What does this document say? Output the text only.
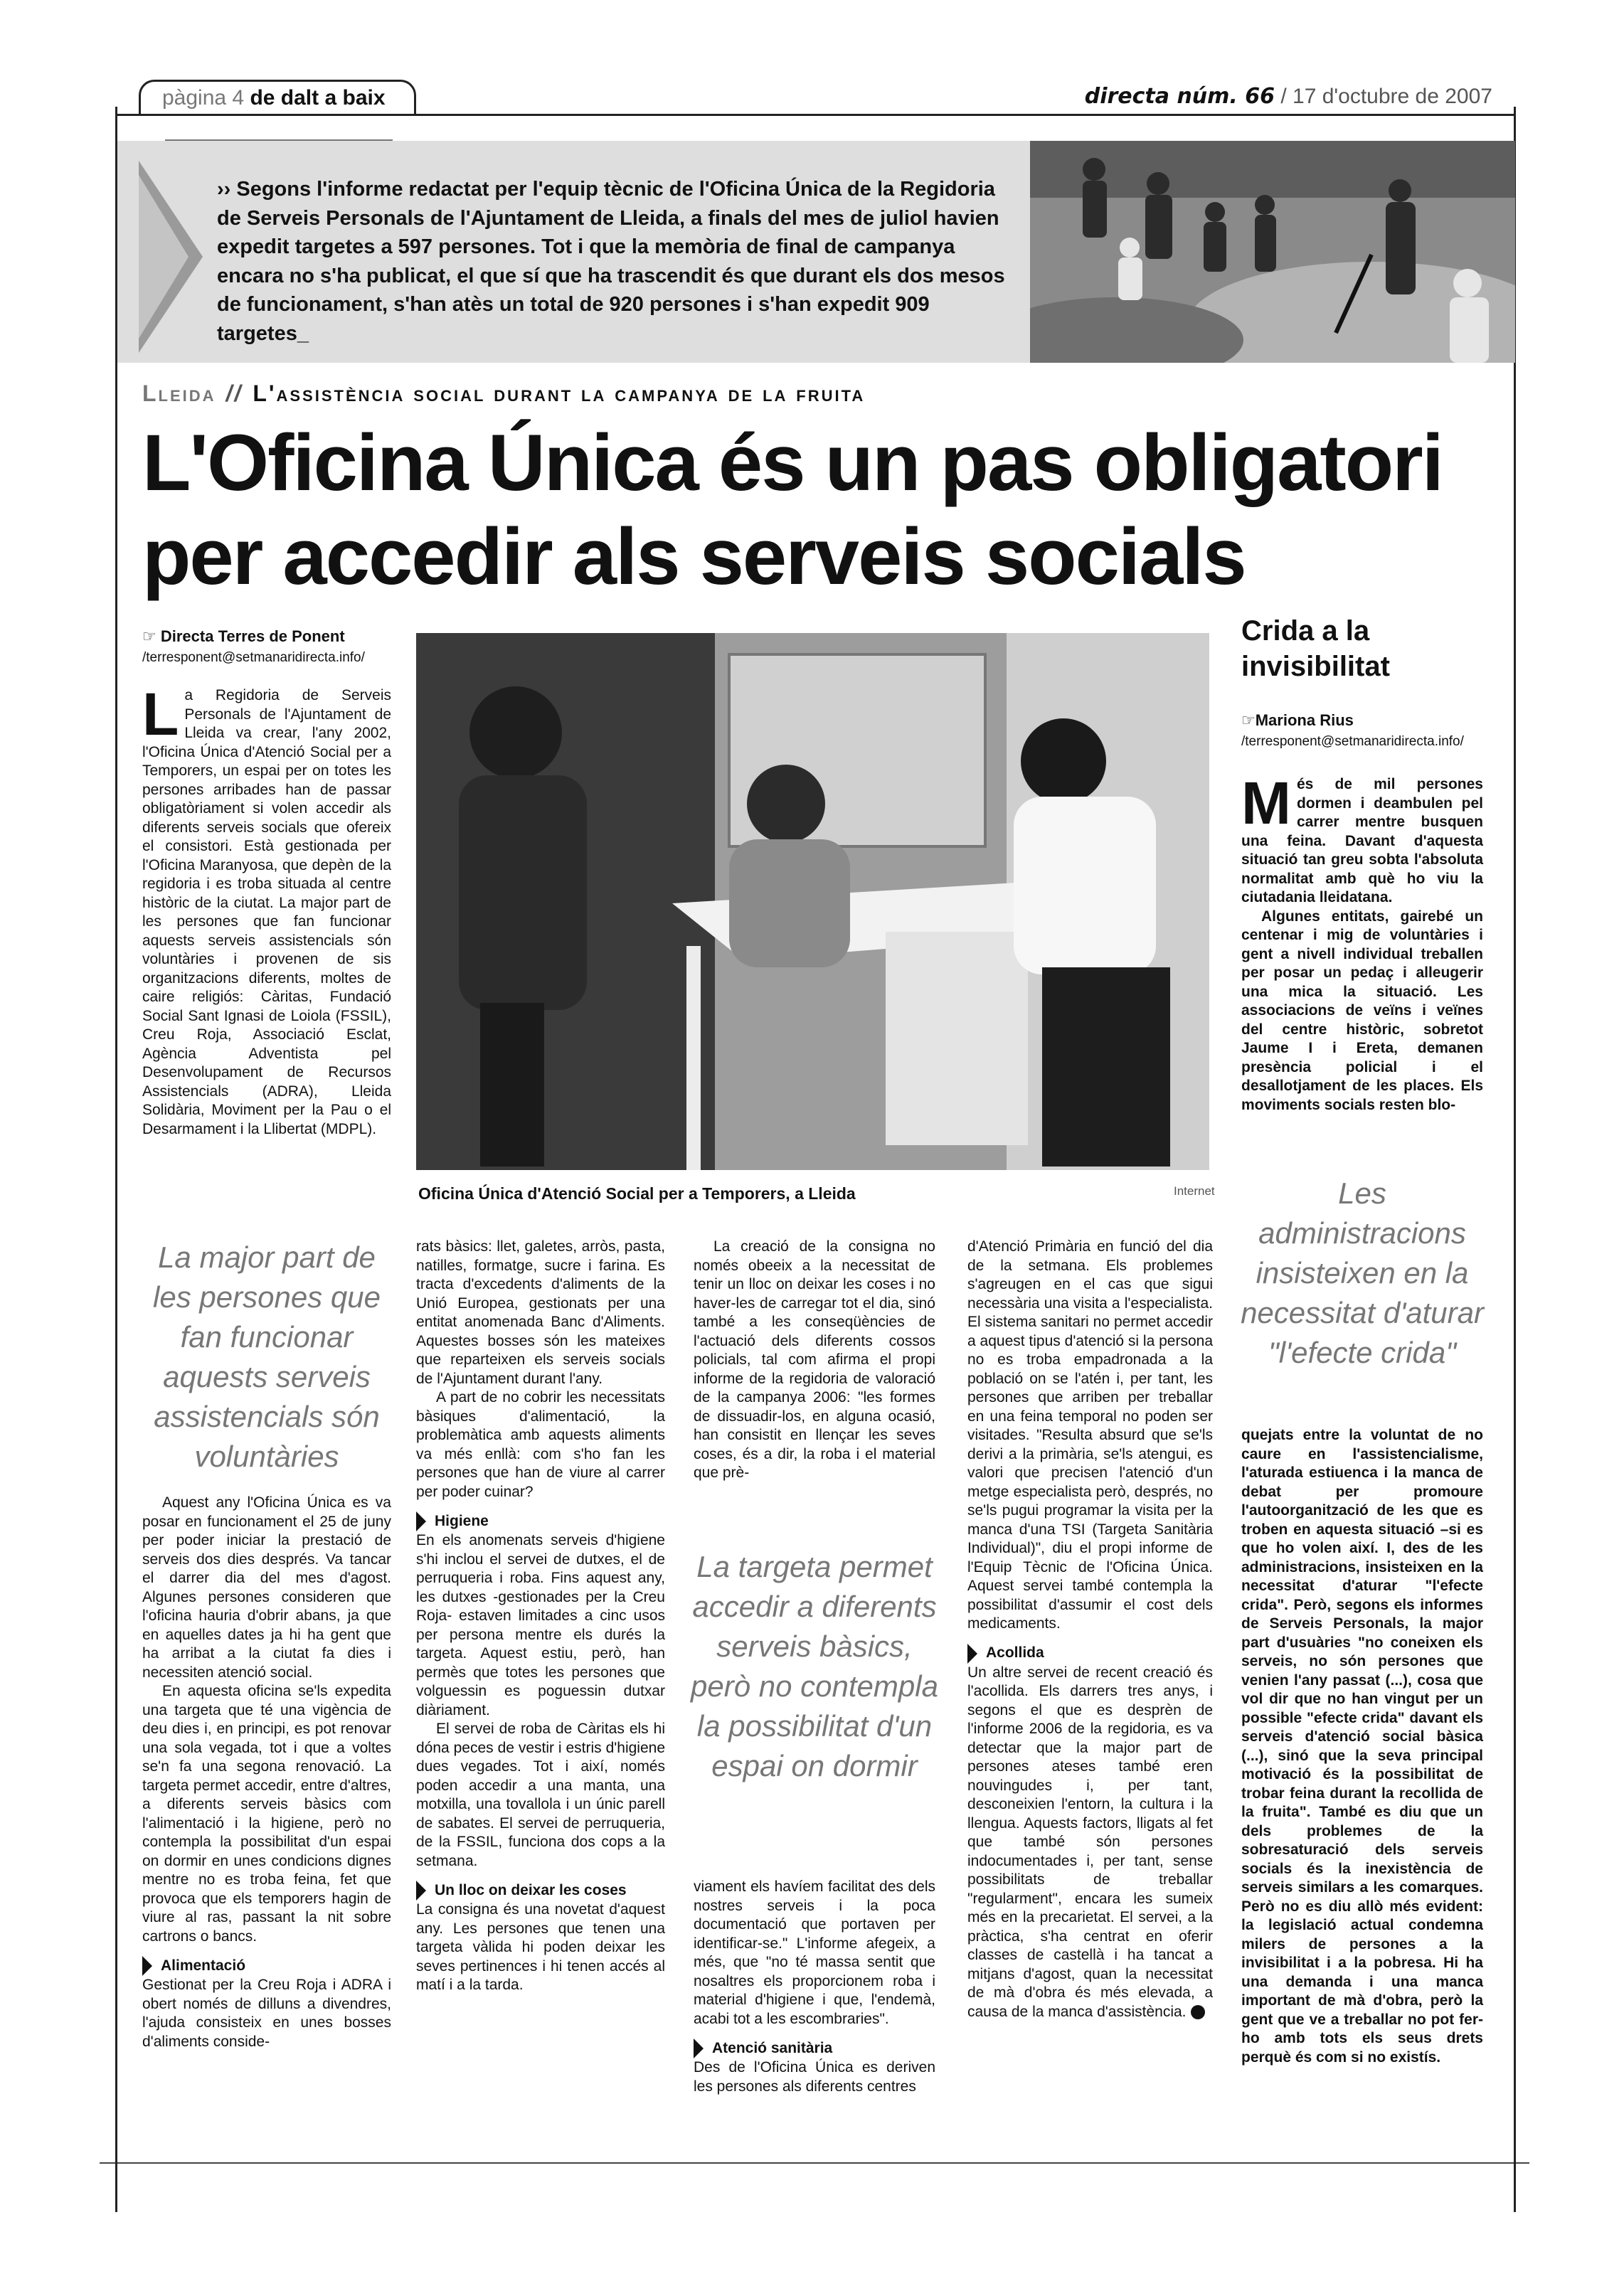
pàgina 4 de dalt a baix	directa núm. 66 / 17 d'octubre de 2007
›› Segons l'informe redactat per l'equip tècnic de l'Oficina Única de la Regidoria de Serveis Personals de l'Ajuntament de Lleida, a finals del mes de juliol havien expedit targetes a 597 persones. Tot i que la memòria de final de campanya encara no s'ha publicat, el que sí que ha trascendit és que durant els dos mesos de funcionament, s'han atès un total de 920 persones i s'han expedit 909 targetes_
Lleida // L'assistència social durant la campanya de la fruita
L'Oficina Única és un pas obligatori
per accedir als serveis socials
☞ Directa Terres de Ponent
/terresponent@setmanaridirecta.info/

La Regidoria de Serveis Personals de l'Ajuntament de Lleida va crear, l'any 2002, l'Oficina Única d'Atenció Social per a Temporers, un espai per on totes les persones arribades han de passar obligatòriament si volen accedir als diferents serveis socials que ofereix el consistori. Està gestionada per l'Oficina Maranyosa, que depèn de la regidoria i es troba situada al centre històric de la ciutat. La major part de les persones que fan funcionar aquests serveis assistencials són voluntàries i provenen de sis organitzacions diferents, moltes de caire religiós: Càritas, Fundació Social Sant Ignasi de Loiola (FSSIL), Creu Roja, Associació Esclat, Agència Adventista pel Desenvolupament de Recursos Assistencials (ADRA), Lleida Solidària, Moviment per la Pau o el Desarmament i la Llibertat (MDPL).

Oficina Única d'Atenció Social per a Temporers, a Lleida	Internet
La major part de les persones que fan funcionar aquests serveis assistencials són voluntàries

Aquest any l'Oficina Única es va posar en funcionament el 25 de juny per poder iniciar la prestació de serveis dos dies després. Va tancar el darrer dia del mes d'agost. Algunes persones consideren que l'oficina hauria d'obrir abans, ja que en aquelles dates ja hi ha gent que ha arribat a la ciutat fa dies i necessiten atenció social.

En aquesta oficina se'ls expedita una targeta que té una vigència de deu dies i, en principi, es pot renovar una sola vegada, tot i que a voltes se'n fa una segona renovació. La targeta permet accedir, entre d'altres, a diferents serveis bàsics com l'alimentació i la higiene, però no contempla la possibilitat d'un espai on dormir en unes condicions dignes mentre no es troba feina, fet que provoca que els temporers hagin de viure al ras, passant la nit sobre cartrons o bancs.

Alimentació

Gestionat per la Creu Roja i ADRA i obert només de dilluns a divendres, l'ajuda consisteix en unes bosses d'aliments conside-

rats bàsics: llet, galetes, arròs, pasta, natilles, formatge, sucre i farina. Es tracta d'excedents d'aliments de la Unió Europea, gestionats per una entitat anomenada Banc d'Aliments. Aquestes bosses són les mateixes que reparteixen els serveis socials de l'Ajuntament durant l'any.

A part de no cobrir les necessitats bàsiques d'alimentació, la problemàtica amb aquests aliments va més enllà: com s'ho fan les persones que han de viure al carrer per poder cuinar?

Higiene

En els anomenats serveis d'higiene s'hi inclou el servei de dutxes, el de perruqueria i roba. Fins aquest any, les dutxes -gestionades per la Creu Roja- estaven limitades a cinc usos per persona mentre els durés la targeta. Aquest estiu, però, han permès que totes les persones que volguessin es poguessin dutxar diàriament.

El servei de roba de Càritas els hi dóna peces de vestir i estris d'higiene dues vegades. Tot i així, només poden accedir a una manta, una motxilla, una tovallola i un únic parell de sabates. El servei de perruqueria, de la FSSIL, funciona dos cops a la setmana.

Un lloc on deixar les coses

La consigna és una novetat d'aquest any. Les persones que tenen una targeta vàlida hi poden deixar les seves pertinences i hi tenen accés al matí i a la tarda.

La creació de la consigna no només obeeix a la necessitat de tenir un lloc on deixar les coses i no haver-les de carregar tot el dia, sinó també a les conseqüències de l'actuació dels diferents cossos policials, tal com afirma el propi informe de la regidoria de valoració de la campanya 2006: "les formes de dissuadir-los, en alguna ocasió, han consistit en llençar les seves coses, és a dir, la roba i el material que prè-

La targeta permet accedir a diferents serveis bàsics, però no contempla la possibilitat d'un espai on dormir

viament els havíem facilitat des dels nostres serveis i la poca documentació que portaven per identificar-se." L'informe afegeix, a més, que "no té massa sentit que nosaltres els proporcionem roba i material d'higiene i que, l'endemà, acabi tot a les escombraries".

Atenció sanitària

Des de l'Oficina Única es deriven les persones als diferents centres

d'Atenció Primària en funció del dia de la setmana. Els problemes s'agreugen en el cas que sigui necessària una visita a l'especialista. El sistema sanitari no permet accedir a aquest tipus d'atenció si la persona no es troba empadronada a la població on se l'atén i, per tant, les persones que arriben per treballar en una feina temporal no poden ser visitades. "Resulta absurd que se'ls derivi a la primària, se'ls atengui, es valori que precisen l'atenció d'un metge especialista però, després, no se'ls pugui programar la visita per la manca d'una TSI (Targeta Sanitària Individual)", diu el propi informe de l'Equip Tècnic de l'Oficina Única. Aquest servei també contempla la possibilitat d'assumir el cost dels medicaments.

Acollida

Un altre servei de recent creació és l'acollida. Els darrers tres anys, i segons el que es desprèn de l'informe 2006 de la regidoria, es va detectar que la major part de persones ateses també eren nouvingudes i, per tant, desconeixien l'entorn, la cultura i la llengua. Aquests factors, lligats al fet que també són persones indocumentades i, per tant, sense possibilitats de treballar "regularment", encara les sumeix més en la precarietat. El servei, a la pràctica, s'ha centrat en oferir classes de castellà i ha tancat a mitjans d'agost, quan la necessitat de mà d'obra és més elevada, a causa de la manca d'assistència.

Crida a la invisibilitat
☞Mariona Rius
/terresponent@setmanaridirecta.info/

Més de mil persones dormen i deambulen pel carrer mentre busquen una feina. Davant d'aquesta situació tan greu sobta l'absoluta normalitat amb què ho viu la ciutadania lleidatana.

Algunes entitats, gairebé un centenar i mig de voluntàries i gent a nivell individual treballen per posar un pedaç i alleugerir una mica la situació. Les associacions de veïns i veïnes del centre històric, sobretot Jaume I i Ereta, demanen presència policial i el desallotjament de les places. Els moviments socials resten blo-

Les administracions insisteixen en la necessitat d'aturar "l'efecte crida"

quejats entre la voluntat de no caure en l'assistencialisme, l'aturada estiuenca i la manca de debat per promoure l'autoorganització de les que es troben en aquesta situació –si es que ho volen així. I, des de les administracions, insisteixen en la necessitat d'aturar "l'efecte crida". Però, segons els informes de Serveis Personals, la major part d'usuàries "no coneixen els serveis, no són persones que venien l'any passat (...), cosa que vol dir que no han vingut per un possible "efecte crida" davant els serveis d'atenció social bàsica (...), sinó que la seva principal motivació és la possibilitat de trobar feina durant la recollida de la fruita". També es diu que un dels problemes de la sobresaturació dels serveis socials és la inexistència de serveis similars a les comarques. Però no es diu allò més evident: la legislació actual condemna milers de persones a la invisibilitat i a la pobresa. Hi ha una demanda i una manca important de mà d'obra, però la gent que ve a treballar no pot fer-ho amb tots els seus drets perquè és com si no existís.
